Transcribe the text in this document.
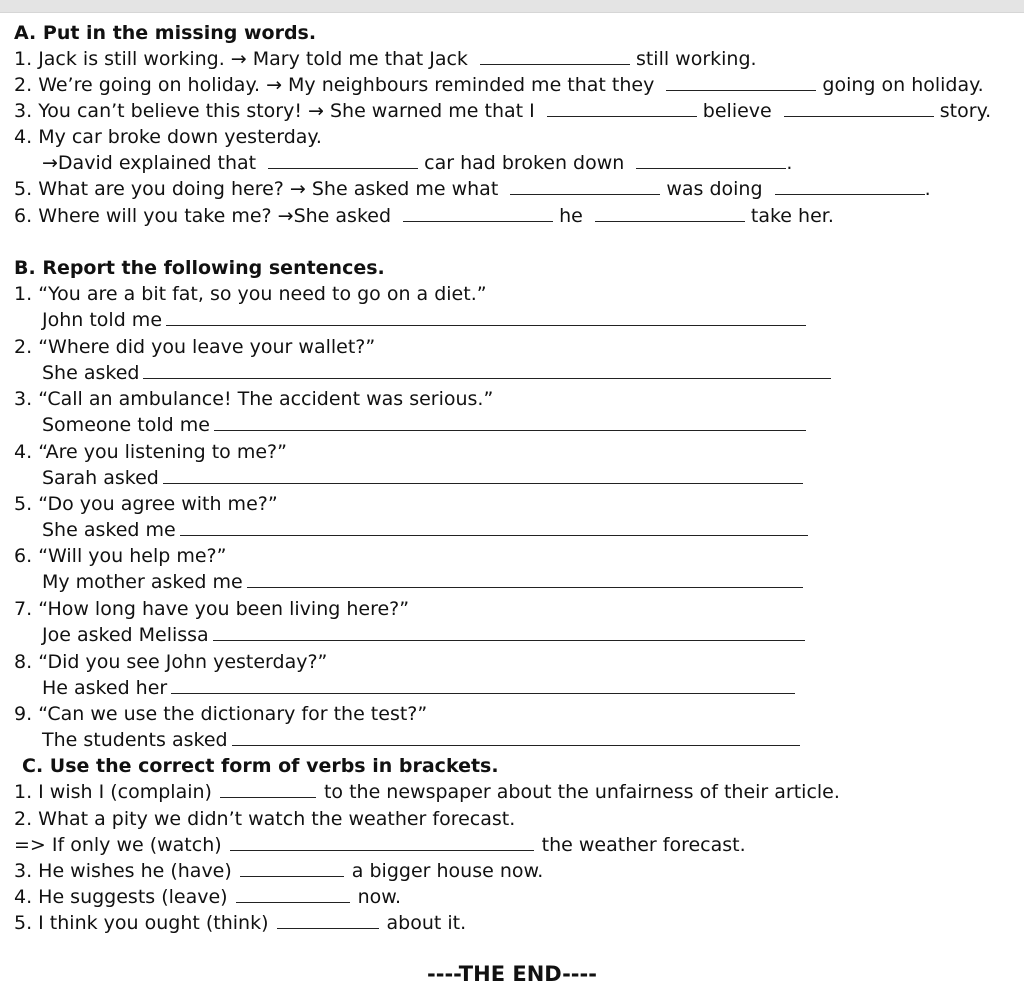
A. Put in the missing words.
1. Jack is still working. → Mary told me that Jack	still working.
2. We’re going on holiday. → My neighbours reminded me that they	going on holiday.
3. You can’t believe this story! → She warned me that I	believe	story.
4. My car broke down yesterday.
→David explained that	car had broken down	.
5. What are you doing here? → She asked me what	was doing	.
6. Where will you take me? →She asked	he	take her.
B. Report the following sentences.
1. “You are a bit fat, so you need to go on a diet.”
John told me
2. “Where did you leave your wallet?”
She asked
3. “Call an ambulance! The accident was serious.”
Someone told me
4. “Are you listening to me?”
Sarah asked
5. “Do you agree with me?”
She asked me
6. “Will you help me?”
My mother asked me
7. “How long have you been living here?”
Joe asked Melissa
8. “Did you see John yesterday?”
He asked her
9. “Can we use the dictionary for the test?”
The students asked
C. Use the correct form of verbs in brackets.
1. I wish I (complain)	to the newspaper about the unfairness of their article.
2. What a pity we didn’t watch the weather forecast.
=> If only we (watch)	the weather forecast.
3. He wishes he (have)	a bigger house now.
4. He suggests (leave)	now.
5. I think you ought (think)	about it.
----THE END----
